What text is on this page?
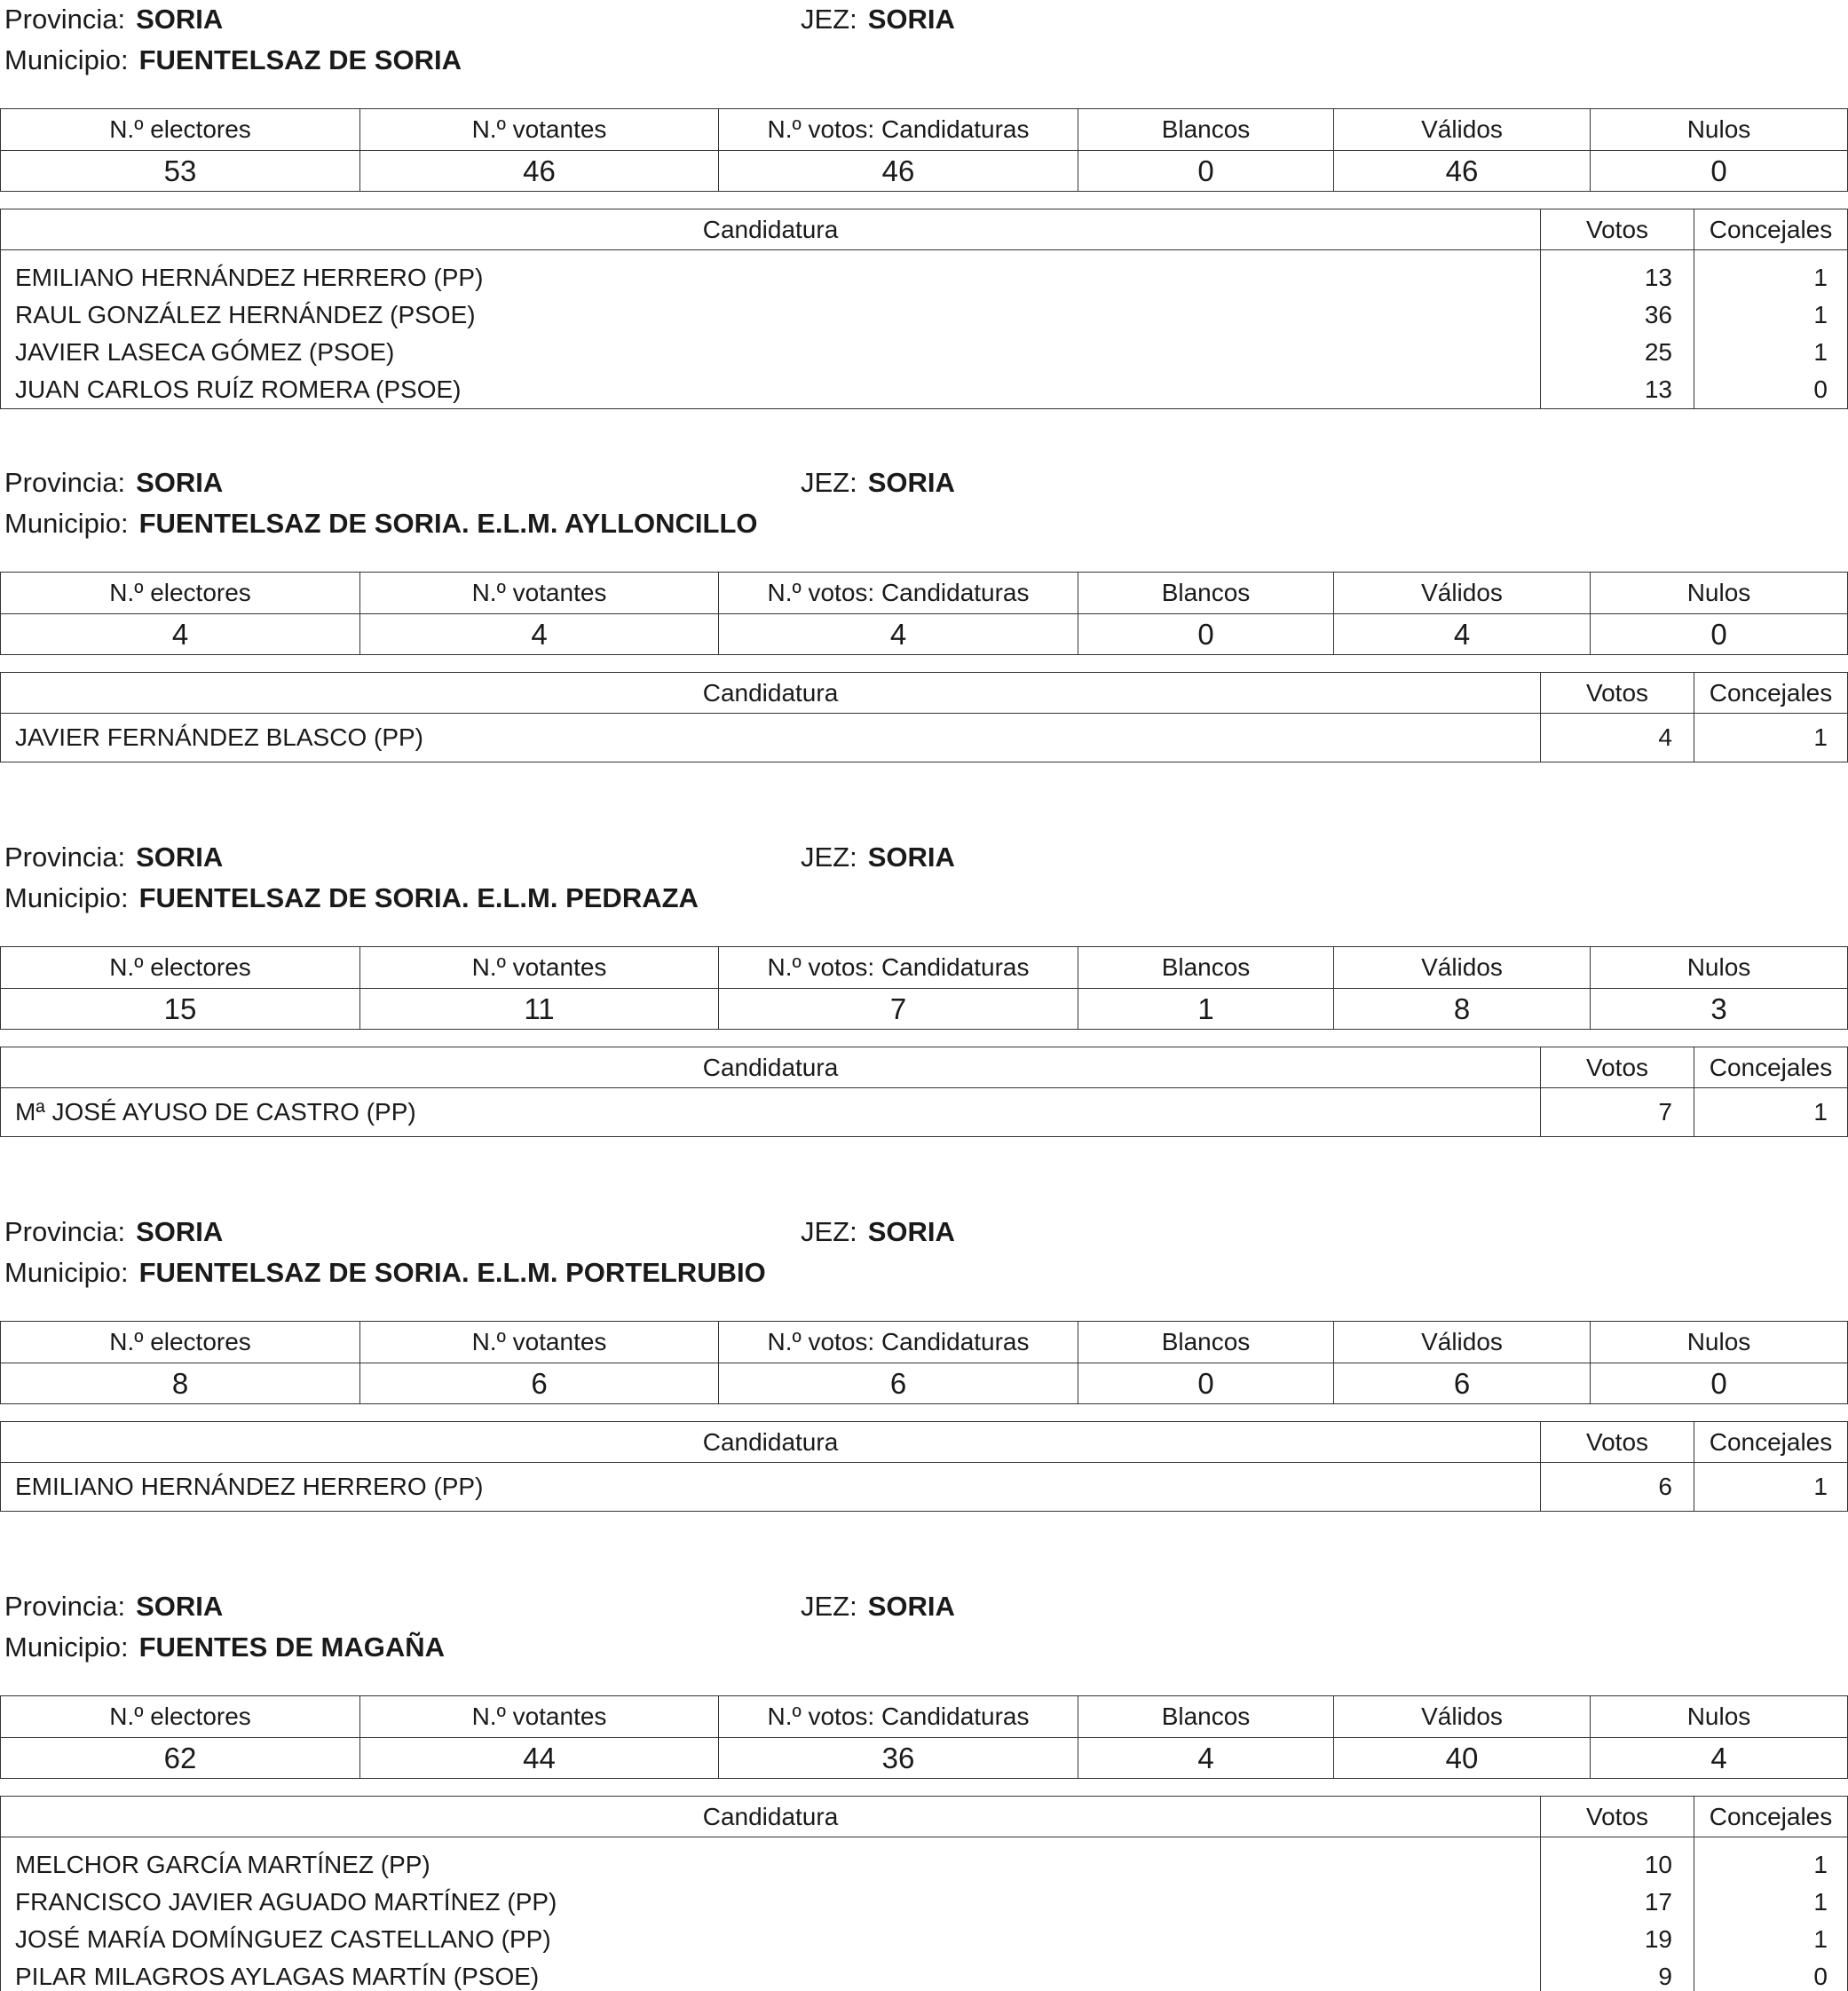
Provincia: SORIA	JEZ: SORIA
Municipio: FUENTELSAZ DE SORIA
N.º electores	N.º votantes	N.º votos: Candidaturas	Blancos	Válidos	Nulos
53	46	46	0	46	0
Candidatura	Votos	Concejales
EMILIANO HERNÁNDEZ HERRERO (PP)	13	1
RAUL GONZÁLEZ HERNÁNDEZ (PSOE)	36	1
JAVIER LASECA GÓMEZ (PSOE)	25	1
JUAN CARLOS RUÍZ ROMERA (PSOE)	13	0
Provincia: SORIA	JEZ: SORIA
Municipio: FUENTELSAZ DE SORIA. E.L.M. AYLLONCILLO
N.º electores	N.º votantes	N.º votos: Candidaturas	Blancos	Válidos	Nulos
4	4	4	0	4	0
Candidatura	Votos	Concejales
JAVIER FERNÁNDEZ BLASCO (PP)	4	1
Provincia: SORIA	JEZ: SORIA
Municipio: FUENTELSAZ DE SORIA. E.L.M. PEDRAZA
N.º electores	N.º votantes	N.º votos: Candidaturas	Blancos	Válidos	Nulos
15	11	7	1	8	3
Candidatura	Votos	Concejales
Mª JOSÉ AYUSO DE CASTRO (PP)	7	1
Provincia: SORIA	JEZ: SORIA
Municipio: FUENTELSAZ DE SORIA. E.L.M. PORTELRUBIO
N.º electores	N.º votantes	N.º votos: Candidaturas	Blancos	Válidos	Nulos
8	6	6	0	6	0
Candidatura	Votos	Concejales
EMILIANO HERNÁNDEZ HERRERO (PP)	6	1
Provincia: SORIA	JEZ: SORIA
Municipio: FUENTES DE MAGAÑA
N.º electores	N.º votantes	N.º votos: Candidaturas	Blancos	Válidos	Nulos
62	44	36	4	40	4
Candidatura	Votos	Concejales
MELCHOR GARCÍA MARTÍNEZ (PP)	10	1
FRANCISCO JAVIER AGUADO MARTÍNEZ (PP)	17	1
JOSÉ MARÍA DOMÍNGUEZ CASTELLANO (PP)	19	1
PILAR MILAGROS AYLAGAS MARTÍN (PSOE)	9	0
